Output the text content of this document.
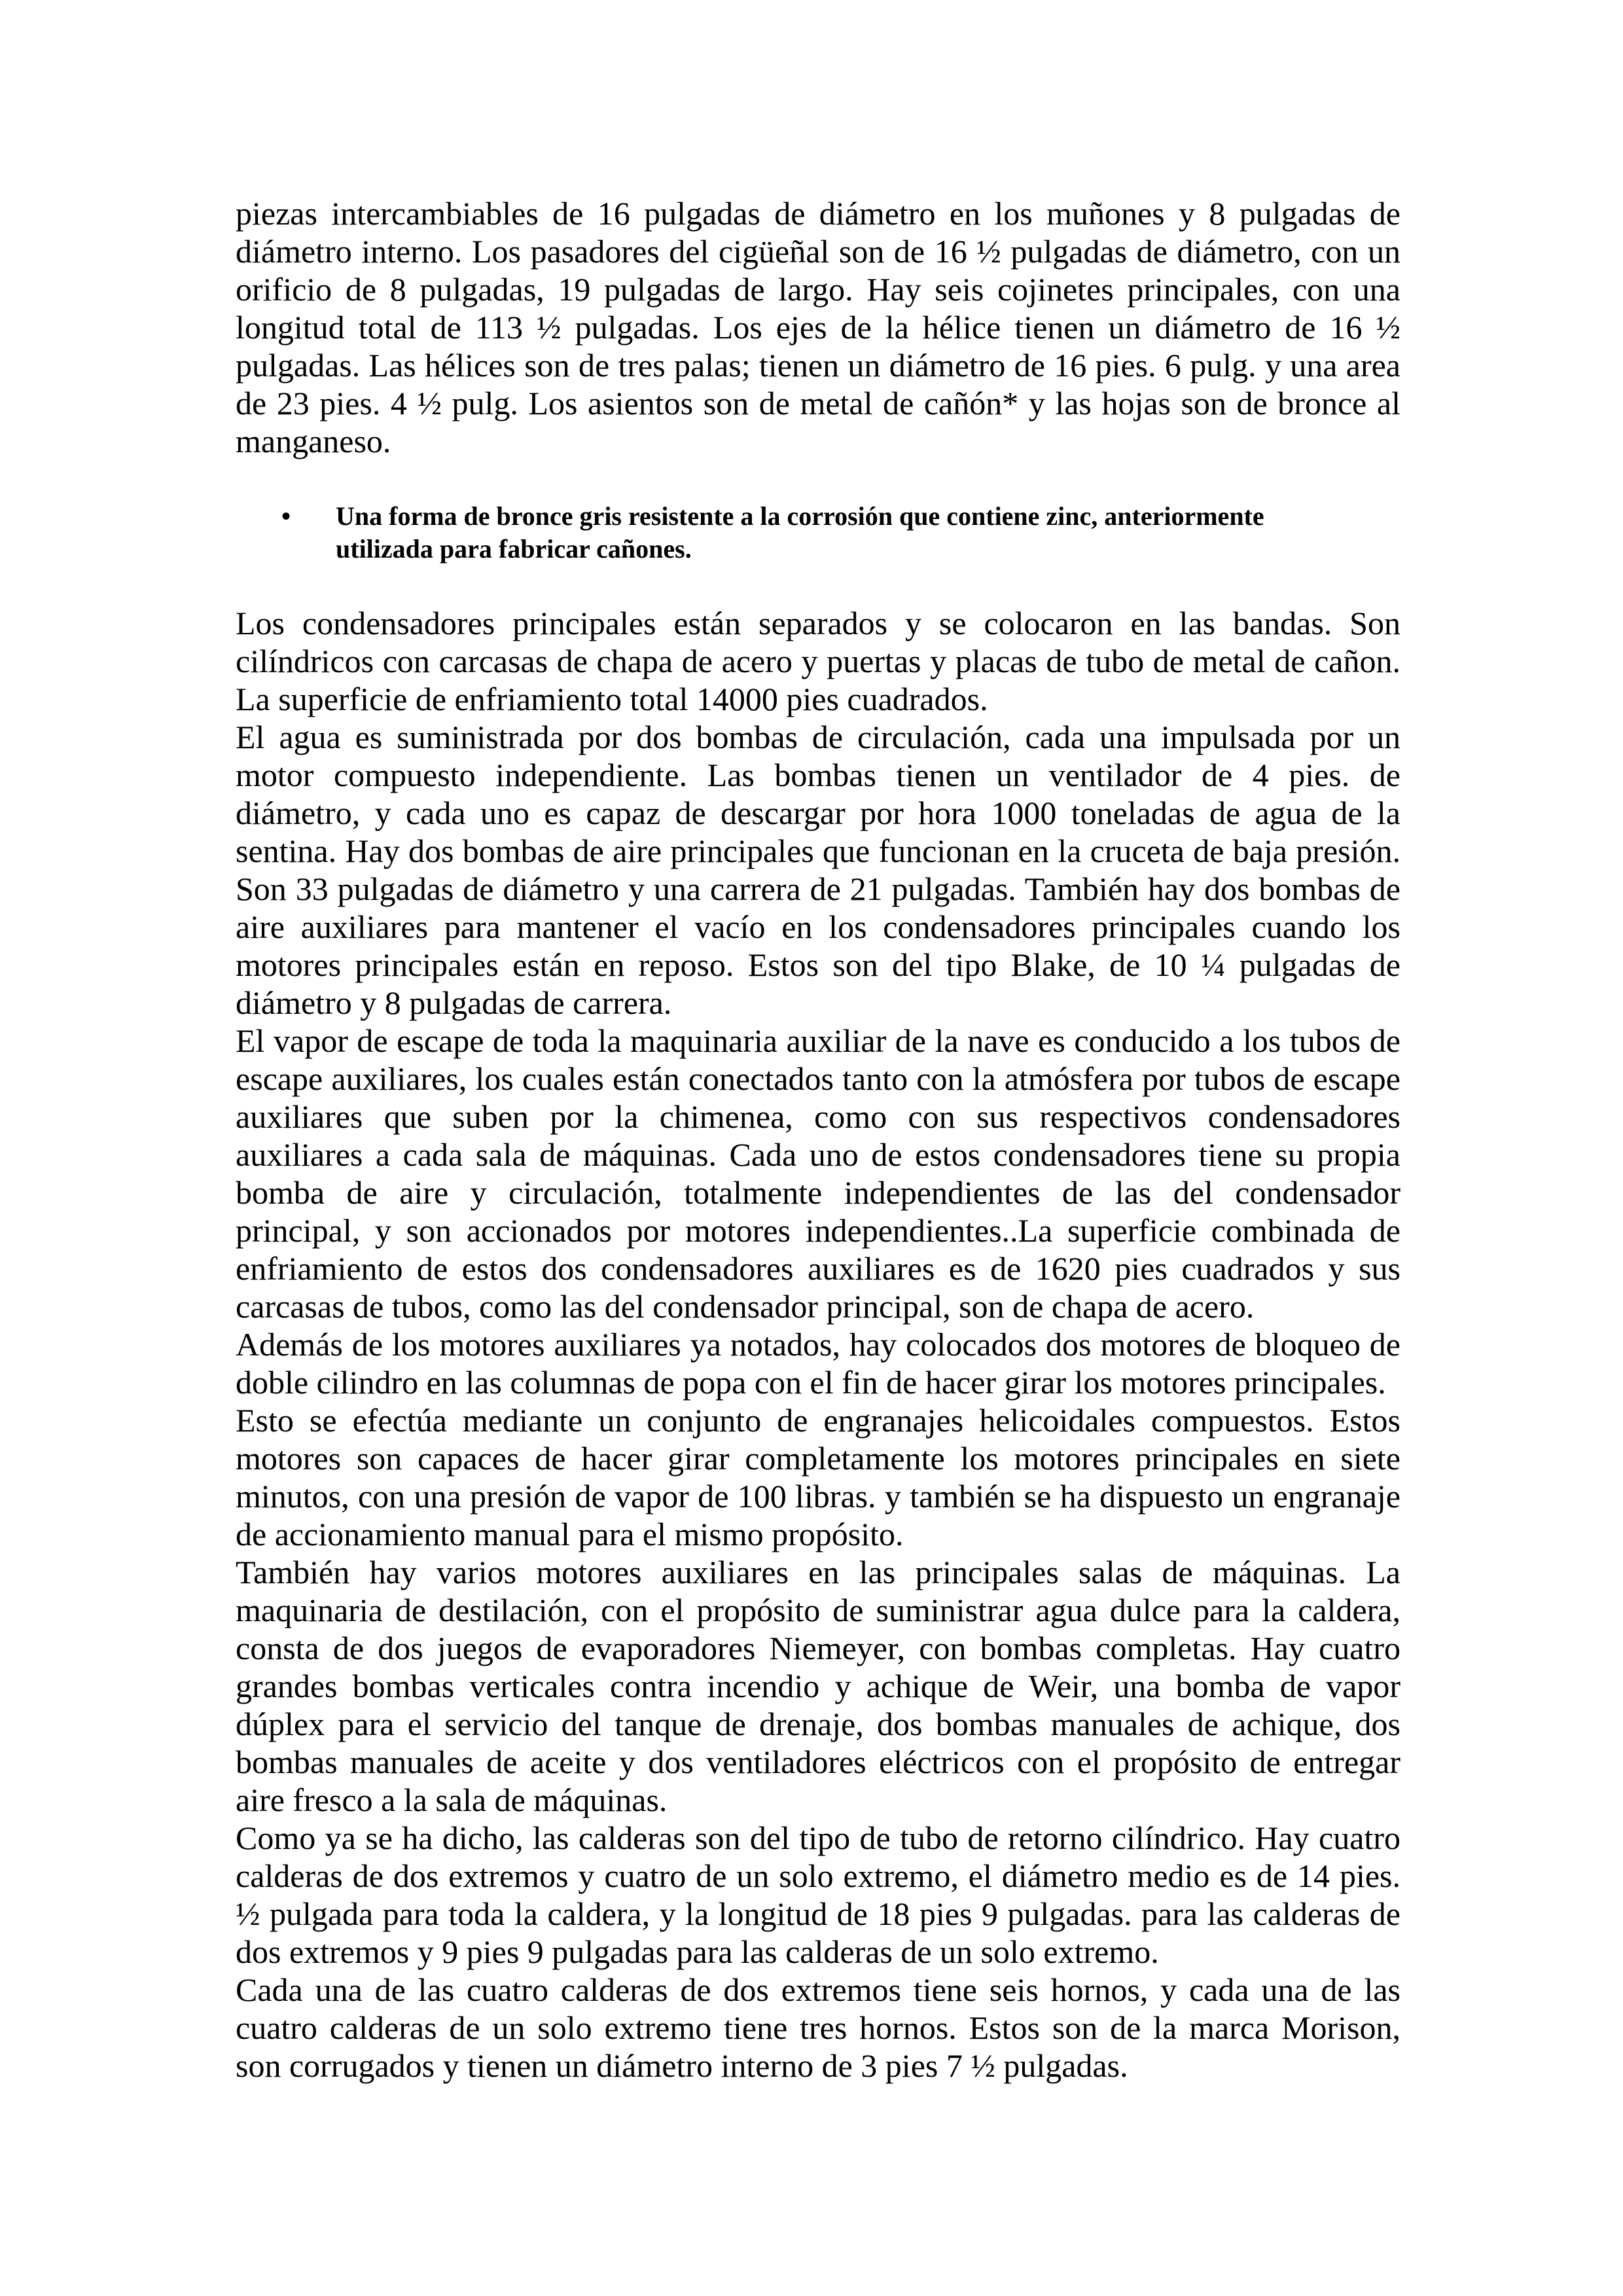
piezas intercambiables de 16 pulgadas de diámetro en los muñones y 8 pulgadas de
diámetro interno. Los pasadores del cigüeñal son de 16 ½ pulgadas de diámetro, con un
orificio de 8 pulgadas, 19 pulgadas de largo. Hay seis cojinetes principales, con una
longitud total de 113 ½ pulgadas. Los ejes de la hélice tienen un diámetro de 16 ½
pulgadas. Las hélices son de tres palas; tienen un diámetro de 16 pies. 6 pulg. y una area
de 23 pies. 4 ½ pulg. Los asientos son de metal de cañón* y las hojas son de bronce al
manganeso.
• Una forma de bronce gris resistente a la corrosión que contiene zinc, anteriormente
utilizada para fabricar cañones.
Los condensadores principales están separados y se colocaron en las bandas. Son
cilíndricos con carcasas de chapa de acero y puertas y placas de tubo de metal de cañon.
La superficie de enfriamiento total 14000 pies cuadrados.
El agua es suministrada por dos bombas de circulación, cada una impulsada por un
motor compuesto independiente. Las bombas tienen un ventilador de 4 pies. de
diámetro, y cada uno es capaz de descargar por hora 1000 toneladas de agua de la
sentina. Hay dos bombas de aire principales que funcionan en la cruceta de baja presión.
Son 33 pulgadas de diámetro y una carrera de 21 pulgadas. También hay dos bombas de
aire auxiliares para mantener el vacío en los condensadores principales cuando los
motores principales están en reposo. Estos son del tipo Blake, de 10 ¼ pulgadas de
diámetro y 8 pulgadas de carrera.
El vapor de escape de toda la maquinaria auxiliar de la nave es conducido a los tubos de
escape auxiliares, los cuales están conectados tanto con la atmósfera por tubos de escape
auxiliares que suben por la chimenea, como con sus respectivos condensadores
auxiliares a cada sala de máquinas. Cada uno de estos condensadores tiene su propia
bomba de aire y circulación, totalmente independientes de las del condensador
principal, y son accionados por motores independientes..La superficie combinada de
enfriamiento de estos dos condensadores auxiliares es de 1620 pies cuadrados y sus
carcasas de tubos, como las del condensador principal, son de chapa de acero.
Además de los motores auxiliares ya notados, hay colocados dos motores de bloqueo de
doble cilindro en las columnas de popa con el fin de hacer girar los motores principales.
Esto se efectúa mediante un conjunto de engranajes helicoidales compuestos. Estos
motores son capaces de hacer girar completamente los motores principales en siete
minutos, con una presión de vapor de 100 libras. y también se ha dispuesto un engranaje
de accionamiento manual para el mismo propósito.
También hay varios motores auxiliares en las principales salas de máquinas. La
maquinaria de destilación, con el propósito de suministrar agua dulce para la caldera,
consta de dos juegos de evaporadores Niemeyer, con bombas completas. Hay cuatro
grandes bombas verticales contra incendio y achique de Weir, una bomba de vapor
dúplex para el servicio del tanque de drenaje, dos bombas manuales de achique, dos
bombas manuales de aceite y dos ventiladores eléctricos con el propósito de entregar
aire fresco a la sala de máquinas.
Como ya se ha dicho, las calderas son del tipo de tubo de retorno cilíndrico. Hay cuatro
calderas de dos extremos y cuatro de un solo extremo, el diámetro medio es de 14 pies.
½ pulgada para toda la caldera, y la longitud de 18 pies 9 pulgadas. para las calderas de
dos extremos y 9 pies 9 pulgadas para las calderas de un solo extremo.
Cada una de las cuatro calderas de dos extremos tiene seis hornos, y cada una de las
cuatro calderas de un solo extremo tiene tres hornos. Estos son de la marca Morison,
son corrugados y tienen un diámetro interno de 3 pies 7 ½ pulgadas.
